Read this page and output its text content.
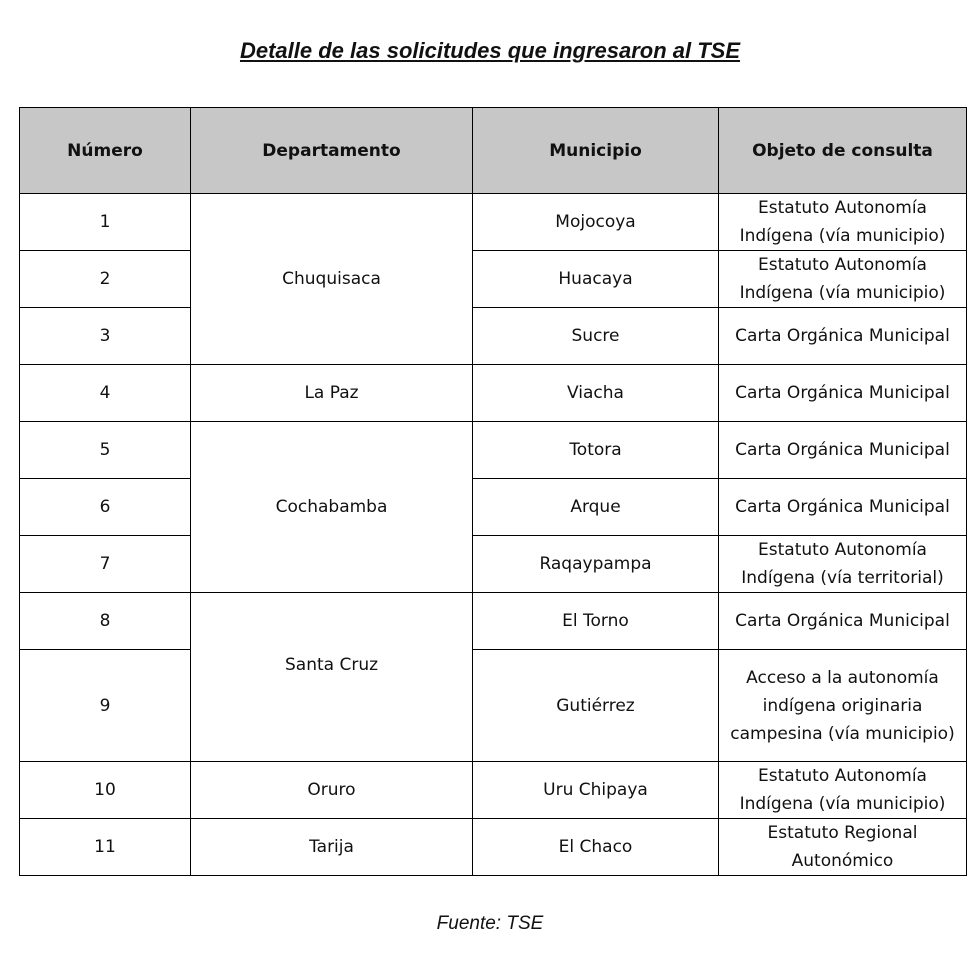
Detalle de las solicitudes que ingresaron al TSE
Número	Departamento	Municipio	Objeto de consulta
1	Chuquisaca	Mojocoya	Estatuto Autonomía Indígena (vía municipio)
2		Huacaya	Estatuto Autonomía Indígena (vía municipio)
3		Sucre	Carta Orgánica Municipal
4	La Paz	Viacha	Carta Orgánica Municipal
5	Cochabamba	Totora	Carta Orgánica Municipal
6		Arque	Carta Orgánica Municipal
7		Raqaypampa	Estatuto Autonomía Indígena (vía territorial)
8	Santa Cruz	El Torno	Carta Orgánica Municipal
9		Gutiérrez	Acceso a la autonomía indígena originaria campesina (vía municipio)
10	Oruro	Uru Chipaya	Estatuto Autonomía Indígena (vía municipio)
11	Tarija	El Chaco	Estatuto Regional Autonómico
Fuente: TSE
